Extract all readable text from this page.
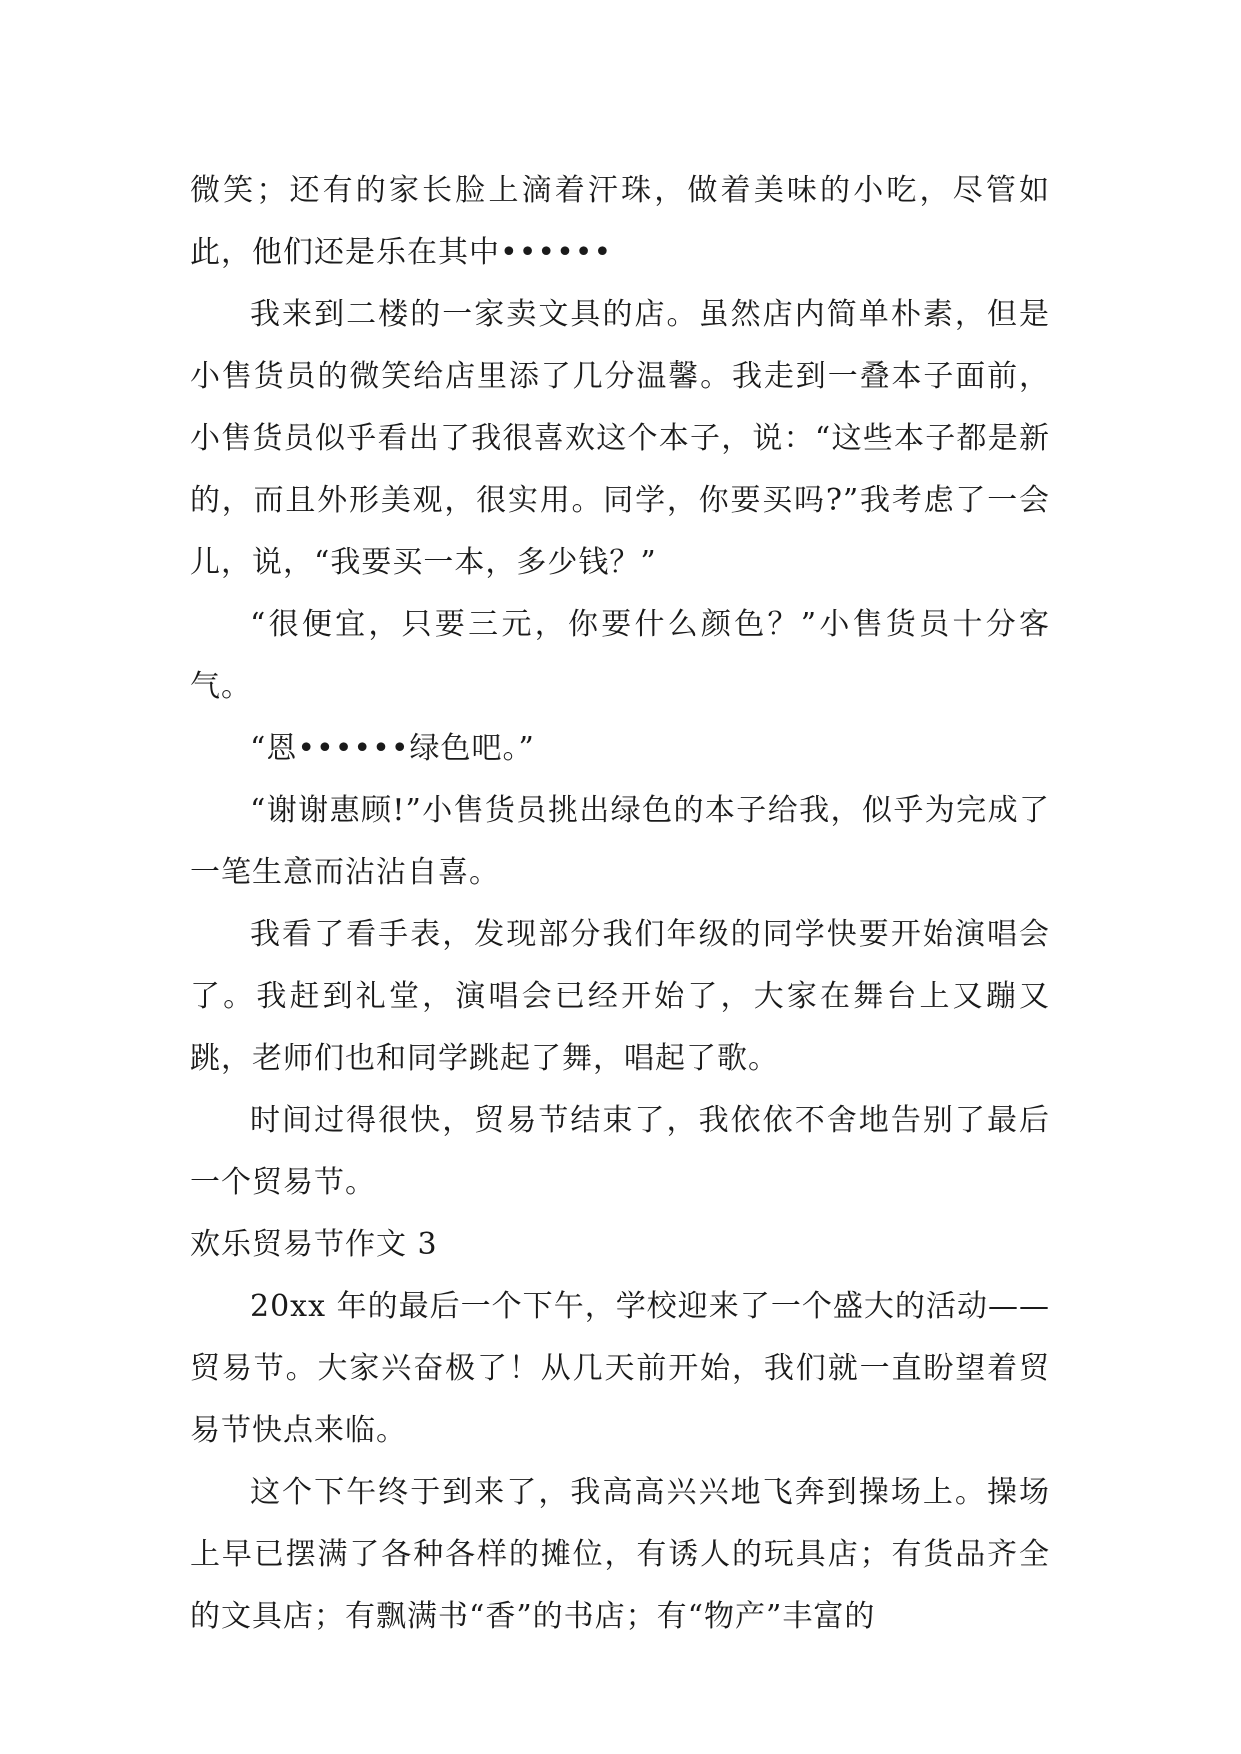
微笑；还有的家长脸上滴着汗珠，做着美味的小吃，尽管如此，他们还是乐在其中••••••

我来到二楼的一家卖文具的店。虽然店内简单朴素，但是小售货员的微笑给店里添了几分温馨。我走到一叠本子面前，小售货员似乎看出了我很喜欢这个本子，说：“这些本子都是新的，而且外形美观，很实用。同学，你要买吗?”我考虑了一会儿，说，“我要买一本，多少钱？”

“很便宜，只要三元，你要什么颜色？”小售货员十分客气。

“恩••••••绿色吧。”

“谢谢惠顾!”小售货员挑出绿色的本子给我，似乎为完成了一笔生意而沾沾自喜。

我看了看手表，发现部分我们年级的同学快要开始演唱会了。我赶到礼堂，演唱会已经开始了，大家在舞台上又蹦又跳，老师们也和同学跳起了舞，唱起了歌。

时间过得很快，贸易节结束了，我依依不舍地告别了最后一个贸易节。

欢乐贸易节作文 3

20xx 年的最后一个下午，学校迎来了一个盛大的活动——贸易节。大家兴奋极了！从几天前开始，我们就一直盼望着贸易节快点来临。

这个下午终于到来了，我高高兴兴地飞奔到操场上。操场上早已摆满了各种各样的摊位，有诱人的玩具店；有货品齐全的文具店；有飘满书“香”的书店；有“物产”丰富的
